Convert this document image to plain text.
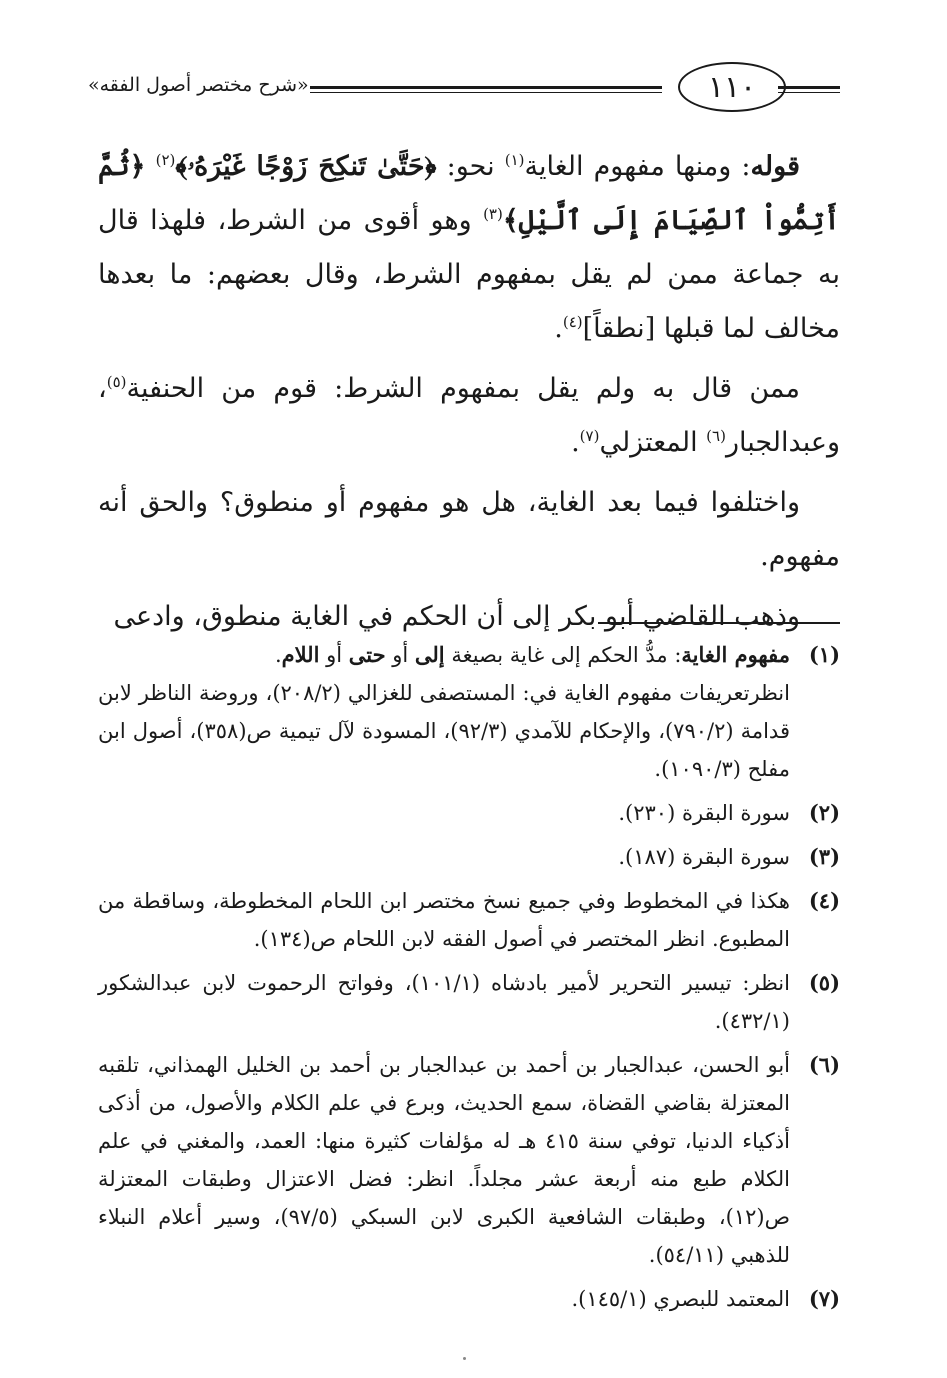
«شرح مختصر أصول الفقه»	١١٠

قوله: ومنها مفهوم الغاية$^{(١)}$ نحو: ﴿حَتَّىٰ تَنكِحَ زَوْجًا غَيْرَهُۥ﴾$^{(٢)}$ ﴿ثُمَّ أَتِمُّواْ ٱلصِّيَامَ إِلَى ٱلَّيْلِ﴾$^{(٣)}$ وهو أقوى من الشرط، فلهذا قال به جماعة ممن لم يقل بمفهوم الشرط، وقال بعضهم: ما بعدها مخالف لما قبلها [نطقاً]$^{(٤)}$.

ممن قال به ولم يقل بمفهوم الشرط: قوم من الحنفية$^{(٥)}$، وعبدالجبار$^{(٦)}$ المعتزلي$^{(٧)}$.

واختلفوا فيما بعد الغاية، هل هو مفهوم أو منطوق؟ والحق أنه مفهوم.

وذهب القاضي أبو بكر إلى أن الحكم في الغاية منطوق، وادعى

(١)

مفهوم الغاية: مدُّ الحكم إلى غاية بصيغة إلى أو حتى أو اللام.

انظرتعريفات مفهوم الغاية في: المستصفى للغزالي (٢٠٨/٢)، وروضة الناظر لابن قدامة (٧٩٠/٢)، والإحكام للآمدي (٩٢/٣)، المسودة لآل تيمية ص(٣٥٨)، أصول ابن مفلح (١٠٩٠/٣).

(٢)

سورة البقرة (٢٣٠).

(٣)

سورة البقرة (١٨٧).

(٤)

هكذا في المخطوط وفي جميع نسخ مختصر ابن اللحام المخطوطة، وساقطة من المطبوع. انظر المختصر في أصول الفقه لابن اللحام ص(١٣٤).

(٥)

انظر: تيسير التحرير لأمير بادشاه (١٠١/١)، وفواتح الرحموت لابن عبدالشكور (٤٣٢/١).

(٦)

أبو الحسن، عبدالجبار بن أحمد بن عبدالجبار بن أحمد بن الخليل الهمذاني، تلقبه المعتزلة بقاضي القضاة، سمع الحديث، وبرع في علم الكلام والأصول، من أذكى أذكياء الدنيا، توفي سنة ٤١٥ هـ له مؤلفات كثيرة منها: العمد، والمغني في علم الكلام طبع منه أربعة عشر مجلداً. انظر: فضل الاعتزال وطبقات المعتزلة ص(١٢)، وطبقات الشافعية الكبرى لابن السبكي (٩٧/٥)، وسير أعلام النبلاء للذهبي (٥٤/١١).

(٧)

المعتمد للبصري (١٤٥/١).
